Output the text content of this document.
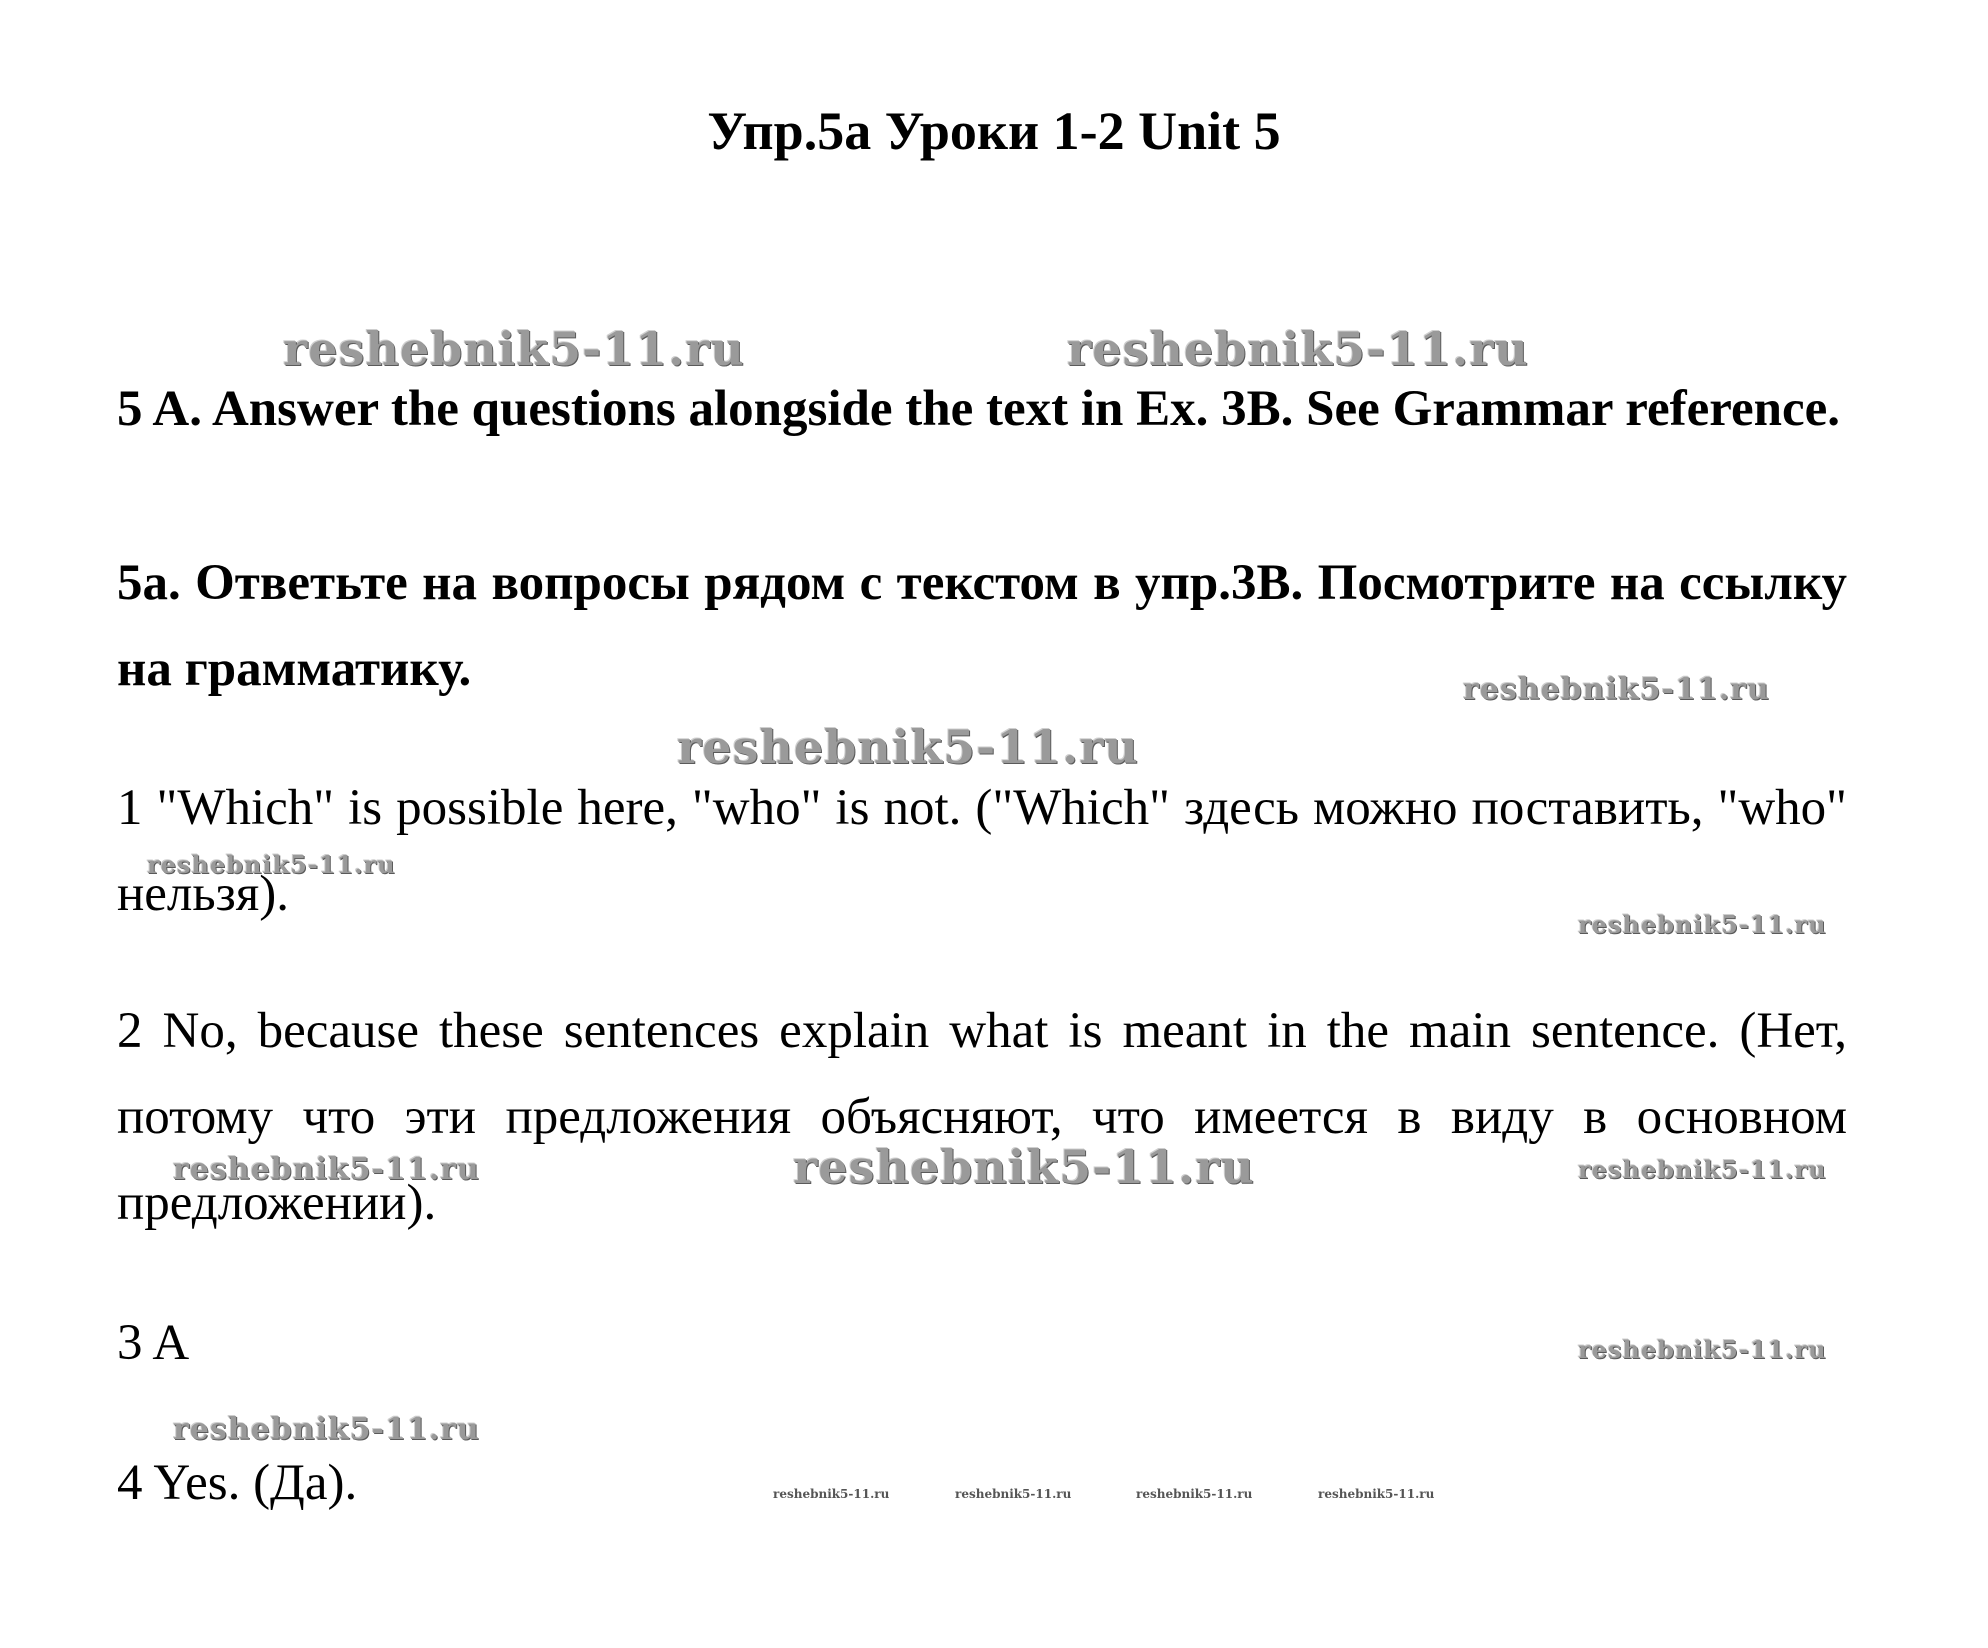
Упр.5а Уроки 1-2 Unit 5
reshebnik5-11.ru	reshebnik5-11.ru
5 A. Answer the questions alongside the text in Ex. 3B. See Grammar reference.
5a. Ответьте на вопросы рядом с текстом в упр.3B. Посмотрите на ссылку на грамматику.	reshebnik5-11.ru
reshebnik5-11.ru
1 "Which" is possible here, "who" is not. ("Which" здесь можно поставить, "who" нельзя).
reshebnik5-11.ru
reshebnik5-11.ru
2 No, because these sentences explain what is meant in the main sentence. (Нет, потому что эти предложения объясняют, что имеется в виду в основном предложении).
reshebnik5-11.ru	reshebnik5-11.ru	reshebnik5-11.ru
3 A	reshebnik5-11.ru
reshebnik5-11.ru
4 Yes. (Да).	reshebnik5-11.ru	reshebnik5-11.ru	reshebnik5-11.ru	reshebnik5-11.ru
